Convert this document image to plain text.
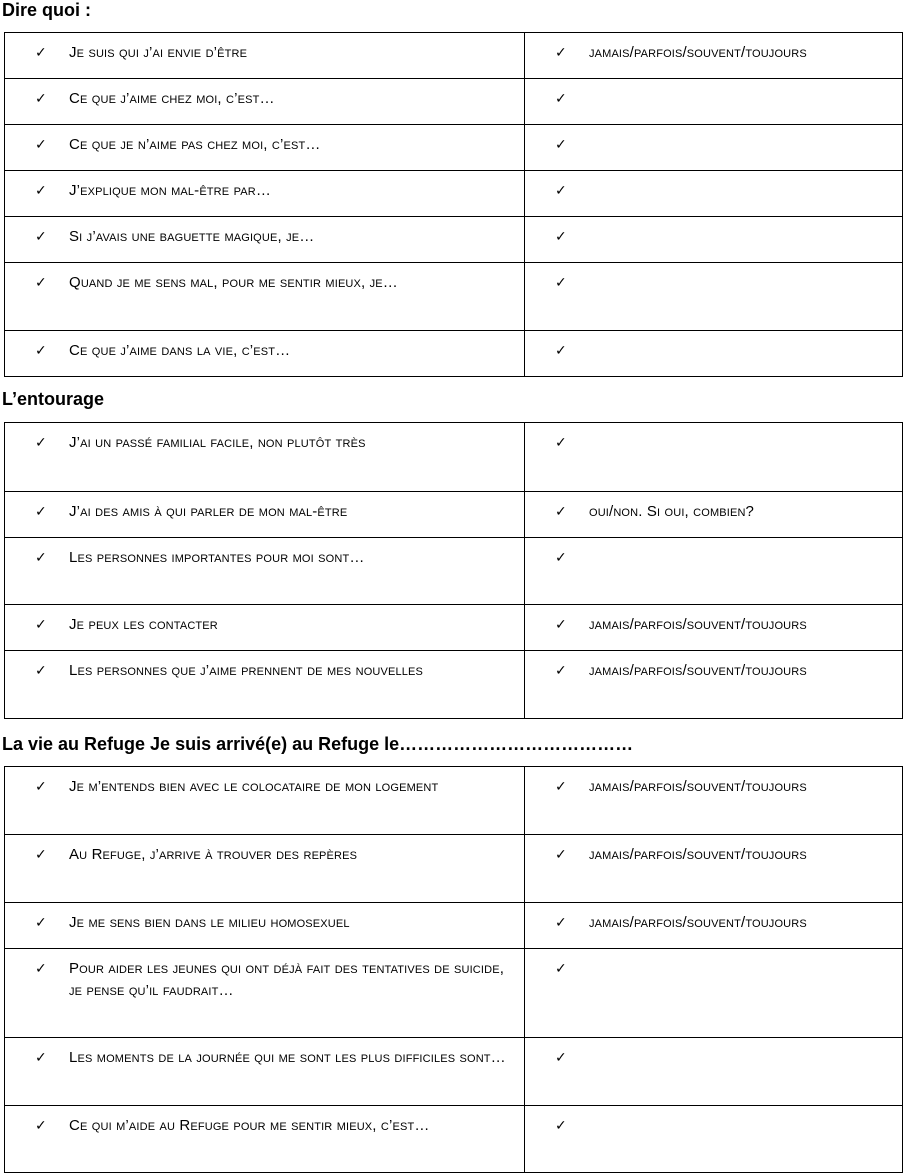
Dire quoi :
✓ Je suis qui j’ai envie d’être	✓ jamais/parfois/souvent/toujours

✓ Ce que j’aime chez moi, c’est…	✓

✓ Ce que je n’aime pas chez moi, c’est…	✓

✓ J’explique mon mal-être par…	✓

✓ Si j’avais une baguette magique, je…	✓

✓ Quand je me sens mal, pour me sentir mieux, je…	✓

✓ Ce que j’aime dans la vie, c’est…	✓
L’entourage
✓ J’ai un passé familial facile, non plutôt très	✓

✓ J’ai des amis à qui parler de mon mal-être	✓ oui/non. Si oui, combien?

✓ Les personnes importantes pour moi sont…	✓

✓ Je peux les contacter	✓ jamais/parfois/souvent/toujours

✓ Les personnes que j’aime prennent de mes nouvelles	✓ jamais/parfois/souvent/toujours
La vie au Refuge Je suis arrivé(e) au Refuge le…………………………………
✓ Je m’entends bien avec le colocataire de mon logement	✓ jamais/parfois/souvent/toujours

✓ Au Refuge, j’arrive à trouver des repères	✓ jamais/parfois/souvent/toujours

✓ Je me sens bien dans le milieu homosexuel	✓ jamais/parfois/souvent/toujours

✓ Pour aider les jeunes qui ont déjà fait des tentatives de suicide, je pense qu’il faudrait…	✓

✓ Les moments de la journée qui me sont les plus difficiles sont…	✓

✓ Ce qui m’aide au Refuge pour me sentir mieux, c’est…	✓
